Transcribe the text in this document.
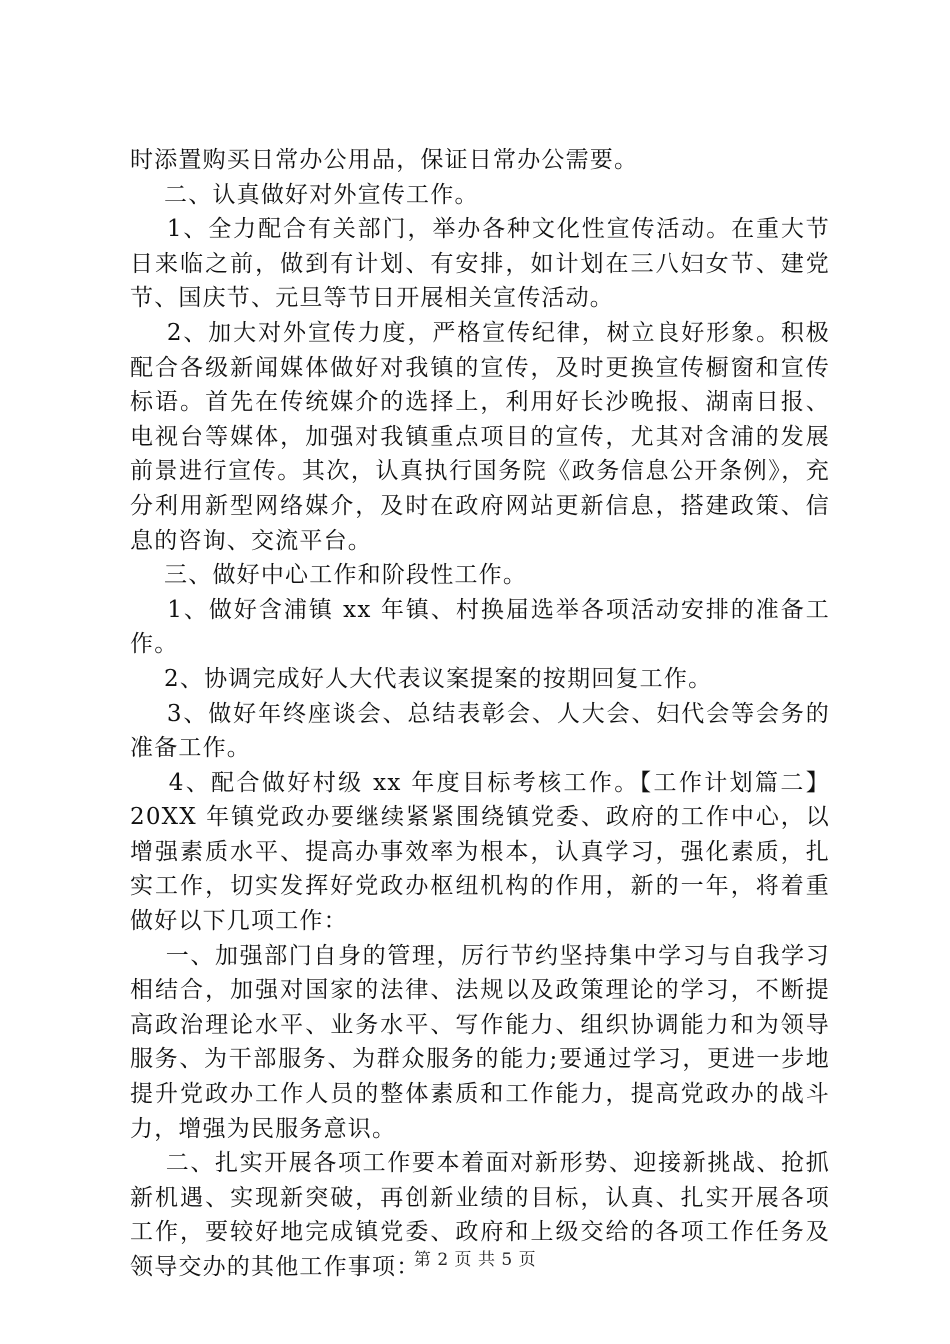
时添置购买日常办公用品，保证日常办公需要。

二、认真做好对外宣传工作。

1、全力配合有关部门，举办各种文化性宣传活动。在重大节日来临之前，做到有计划、有安排，如计划在三八妇女节、建党节、国庆节、元旦等节日开展相关宣传活动。

2、加大对外宣传力度，严格宣传纪律，树立良好形象。积极配合各级新闻媒体做好对我镇的宣传，及时更换宣传橱窗和宣传标语。首先在传统媒介的选择上，利用好长沙晚报、湖南日报、电视台等媒体，加强对我镇重点项目的宣传，尤其对含浦的发展前景进行宣传。其次，认真执行国务院《政务信息公开条例》，充分利用新型网络媒介，及时在政府网站更新信息，搭建政策、信息的咨询、交流平台。

三、做好中心工作和阶段性工作。

1、做好含浦镇 xx 年镇、村换届选举各项活动安排的准备工作。

2、协调完成好人大代表议案提案的按期回复工作。

3、做好年终座谈会、总结表彰会、人大会、妇代会等会务的准备工作。

4、配合做好村级 xx 年度目标考核工作。【工作计划篇二】20XX 年镇党政办要继续紧紧围绕镇党委、政府的工作中心，以增强素质水平、提高办事效率为根本，认真学习，强化素质，扎实工作，切实发挥好党政办枢纽机构的作用，新的一年，将着重做好以下几项工作：

一、加强部门自身的管理，厉行节约坚持集中学习与自我学习相结合，加强对国家的法律、法规以及政策理论的学习，不断提高政治理论水平、业务水平、写作能力、组织协调能力和为领导服务、为干部服务、为群众服务的能力;要通过学习，更进一步地提升党政办工作人员的整体素质和工作能力，提高党政办的战斗力，增强为民服务意识。

二、扎实开展各项工作要本着面对新形势、迎接新挑战、抢抓新机遇、实现新突破，再创新业绩的目标，认真、扎实开展各项工作，要较好地完成镇党委、政府和上级交给的各项工作任务及领导交办的其他工作事项：

第 2 页 共 5 页
